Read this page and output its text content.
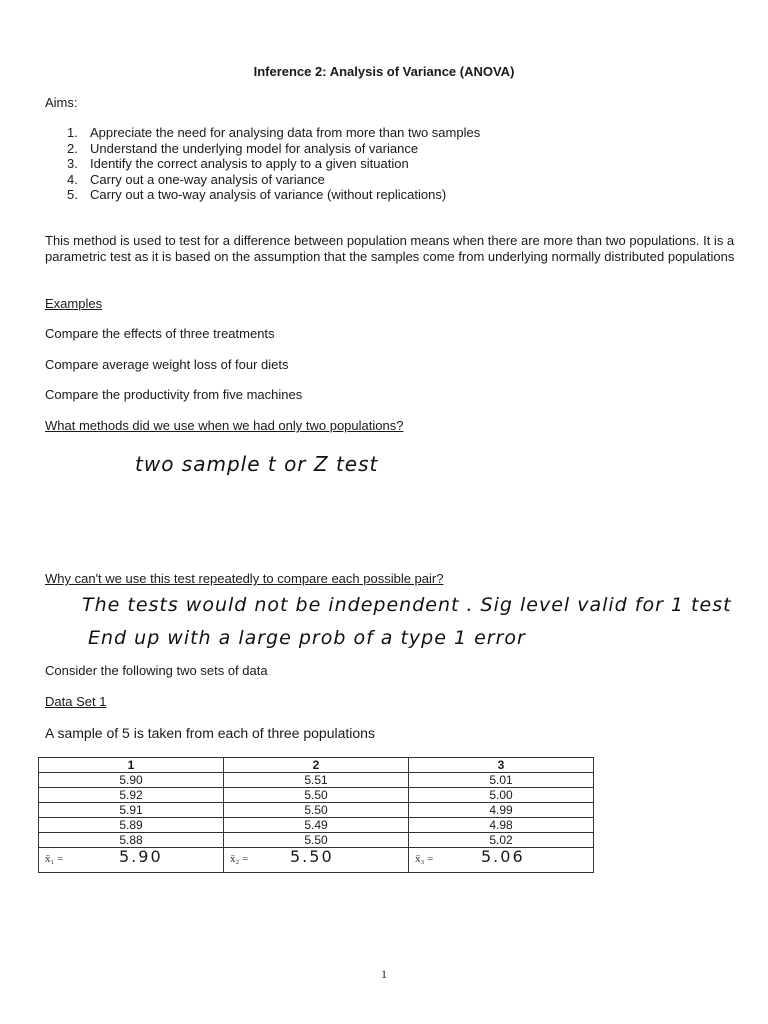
Inference 2: Analysis of Variance (ANOVA)
Aims:
1. Appreciate the need for analysing data from more than two samples
2. Understand the underlying model for analysis of variance
3. Identify the correct analysis to apply to a given situation
4. Carry out a one-way analysis of variance
5. Carry out a two-way analysis of variance (without replications)
This method is used to test for a difference between population means when there are more than two populations. It is a parametric test as it is based on the assumption that the samples come from underlying normally distributed populations
Examples
Compare the effects of three treatments
Compare average weight loss of four diets
Compare the productivity from five machines
What methods did we use when we had only two populations?
two sample t or Z test
Why can't we use this test repeatedly to compare each possible pair?
The tests would not be independent . Sig level valid for 1 test
End up with a large prob of a type 1 error
Consider the following two sets of data
Data Set 1
A sample of 5 is taken from each of three populations
1	2	3
5.90	5.51	5.01
5.92	5.50	5.00
5.91	5.50	4.99
5.89	5.49	4.98
5.88	5.50	5.02

x̄₁ = 5.90	x̄₂ = 5.50	x̄₃ = 5.06
1
